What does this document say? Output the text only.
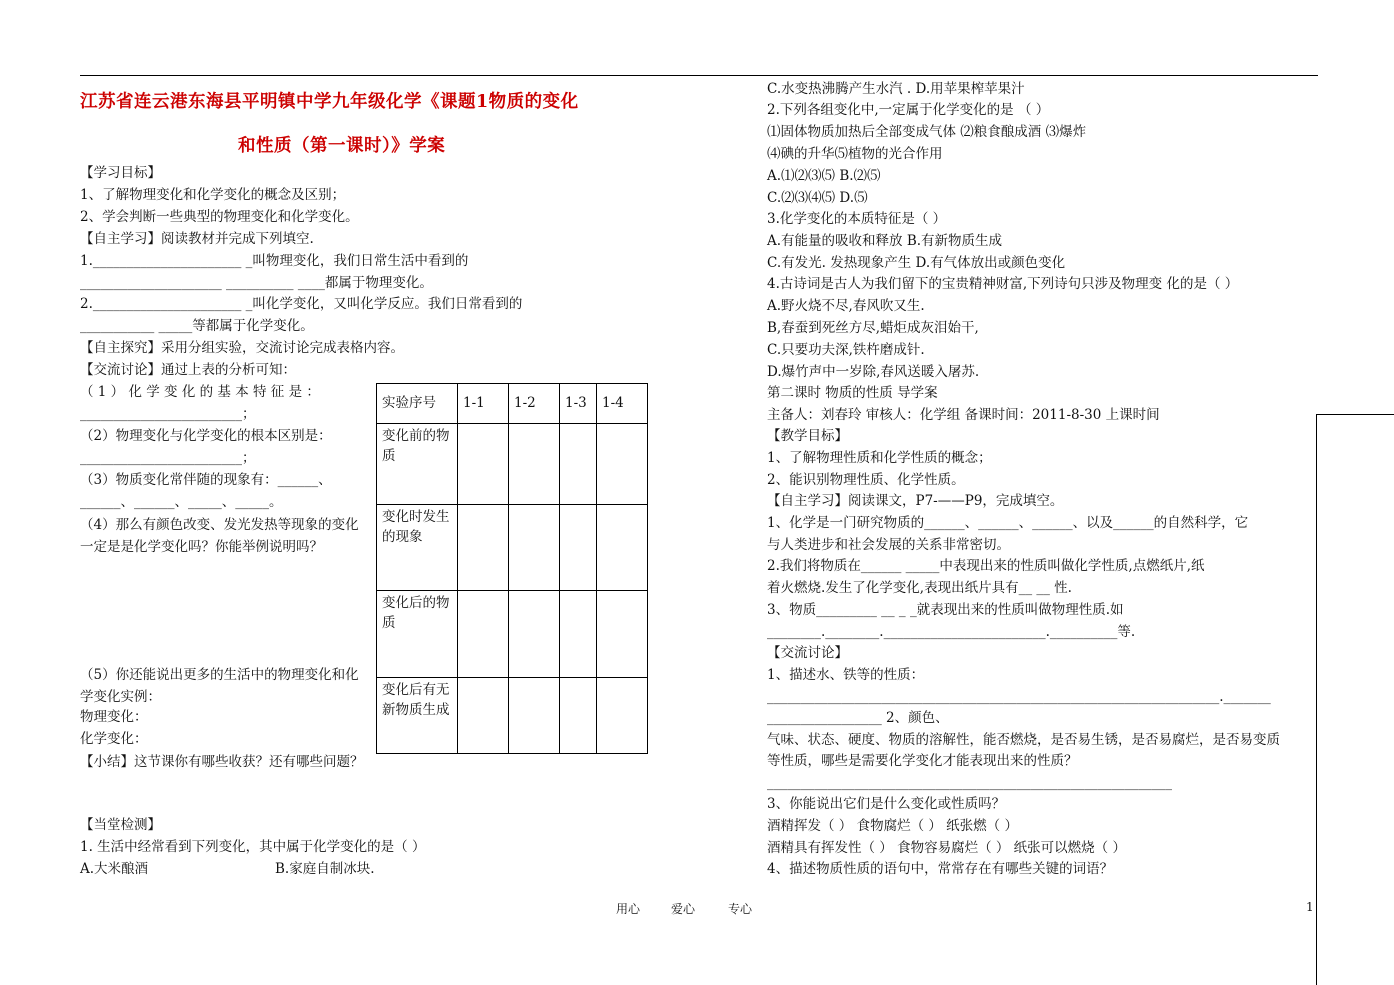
江苏省连云港东海县平明镇中学九年级化学《课题1物质的变化
和性质（第一课时）》学案
【学习目标】
1、了解物理变化和化学变化的概念及区别；
2、学会判断一些典型的物理变化和化学变化。
【自主学习】阅读教材并完成下列填空.
1.______________________ _叫物理变化，我们日常生活中看到的
_____________________ __________ ____都属于物理变化。
2.______________________ _叫化学变化，又叫化学反应。我们日常看到的
___________ _____等都属于化学变化。
【自主探究】采用分组实验，交流讨论完成表格内容。
【交流讨论】通过上表的分析可知：
（ 1 ） 化 学 变 化 的 基 本 特 征 是 ：
________________________；
（2）物理变化与化学变化的根本区别是：
________________________；
（3）物质变化常伴随的现象有：______、
______、______、_____、_____。
（4）那么有颜色改变、发光发热等现象的变化一定是是化学变化吗？你能举例说明吗？
（5）你还能说出更多的生活中的物理变化和化学变化实例：
物理变化：
化学变化：
【小结】这节课你有哪些收获？还有哪些问题？
【当堂检测】
1. 生活中经常看到下列变化，其中属于化学变化的是（ ）
A.大米酿酒	B.家庭自制冰块.
实验序号	1-1	1-2	1-3	1-4
变化前的物质				
变化时发生的现象				
变化后的物质				
变化后有无新物质生成				
C.水变热沸腾产生水汽 . D.用苹果榨苹果汁
2.下列各组变化中,一定属于化学变化的是 （ ）
⑴固体物质加热后全部变成气体 ⑵粮食酿成酒 ⑶爆炸
⑷碘的升华⑸植物的光合作用
A.⑴⑵⑶⑸ B.⑵⑸
C.⑵⑶⑷⑸ D.⑸
3.化学变化的本质特征是（ ）
A.有能量的吸收和释放 B.有新物质生成
C.有发光. 发热现象产生 D.有气体放出或颜色变化
4.古诗词是古人为我们留下的宝贵精神财富,下列诗句只涉及物理变 化的是（ ）
A.野火烧不尽,春风吹又生.
B,春蚕到死丝方尽,蜡炬成灰泪始干,
C.只要功夫深,铁杵磨成针.
D.爆竹声中一岁除,春风送暖入屠苏.
第二课时 物质的性质 导学案
主备人：刘春玲 审核人：化学组 备课时间：2011-8-30 上课时间
【教学目标】
1、了解物理性质和化学性质的概念；
2、能识别物理性质、化学性质。
【自主学习】阅读课文，P7-——P9，完成填空。
1、化学是一门研究物质的______、______、______、以及______的自然科学，它
与人类进步和社会发展的关系非常密切。
2.我们将物质在______ _____中表现出来的性质叫做化学性质,点燃纸片,纸
着火燃烧.发生了化学变化,表现出纸片具有__ __ 性.
3、物质_________ __ _ _就表现出来的性质叫做物理性质.如
________.________.________________________.__________等.
【交流讨论】
1、描述水、铁等的性质：
___________________________________________________________________._______
_________________ 2、颜色、
气味、状态、硬度、物质的溶解性，能否燃烧，是否易生锈，是否易腐烂，是否易变质
等性质，哪些是需要化学变化才能表现出来的性质？
____________________________________________________________
3、你能说出它们是什么变化或性质吗？
酒精挥发（ ） 食物腐烂（ ） 纸张燃（ ）
酒精具有挥发性（ ） 食物容易腐烂（ ） 纸张可以燃烧（ ）
4、描述物质性质的语句中，常常存在有哪些关键的词语？
用心	爱心	专心	1
